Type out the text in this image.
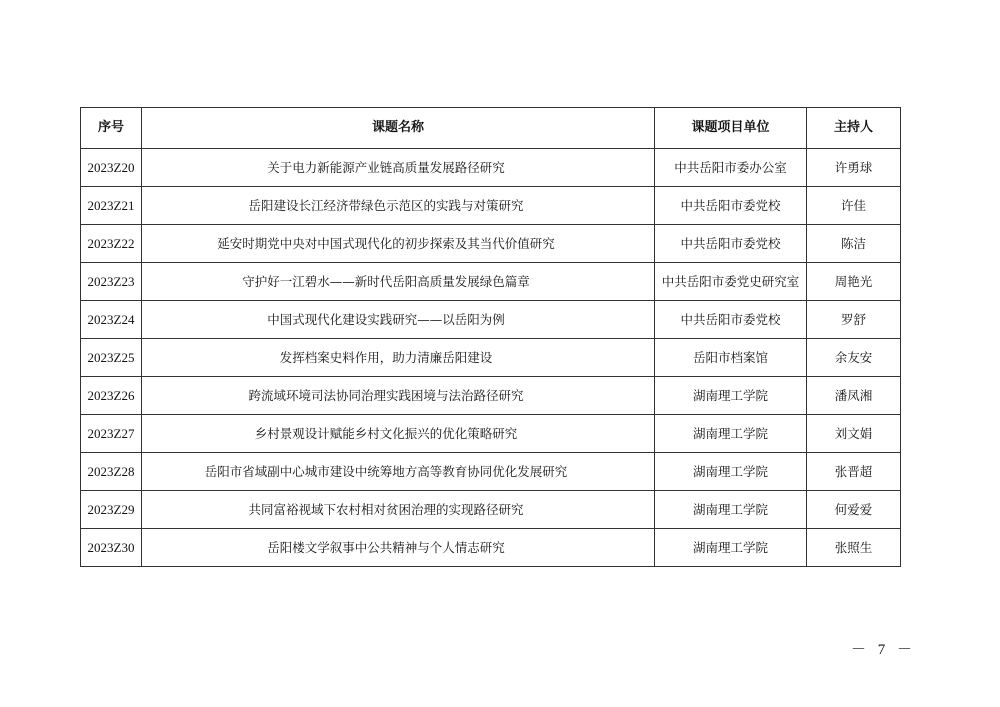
序号	课题名称	课题项目单位	主持人
2023Z20	关于电力新能源产业链高质量发展路径研究	中共岳阳市委办公室	许勇球
2023Z21	岳阳建设长江经济带绿色示范区的实践与对策研究	中共岳阳市委党校	许佳
2023Z22	延安时期党中央对中国式现代化的初步探索及其当代价值研究	中共岳阳市委党校	陈洁
2023Z23	守护好一江碧水——新时代岳阳高质量发展绿色篇章	中共岳阳市委党史研究室	周艳光
2023Z24	中国式现代化建设实践研究——以岳阳为例	中共岳阳市委党校	罗舒
2023Z25	发挥档案史料作用，助力清廉岳阳建设	岳阳市档案馆	余友安
2023Z26	跨流域环境司法协同治理实践困境与法治路径研究	湖南理工学院	潘凤湘
2023Z27	乡村景观设计赋能乡村文化振兴的优化策略研究	湖南理工学院	刘文娟
2023Z28	岳阳市省域副中心城市建设中统筹地方高等教育协同优化发展研究	湖南理工学院	张晋超
2023Z29	共同富裕视域下农村相对贫困治理的实现路径研究	湖南理工学院	何爱爱
2023Z30	岳阳楼文学叙事中公共精神与个人情志研究	湖南理工学院	张照生
－ 7 －
